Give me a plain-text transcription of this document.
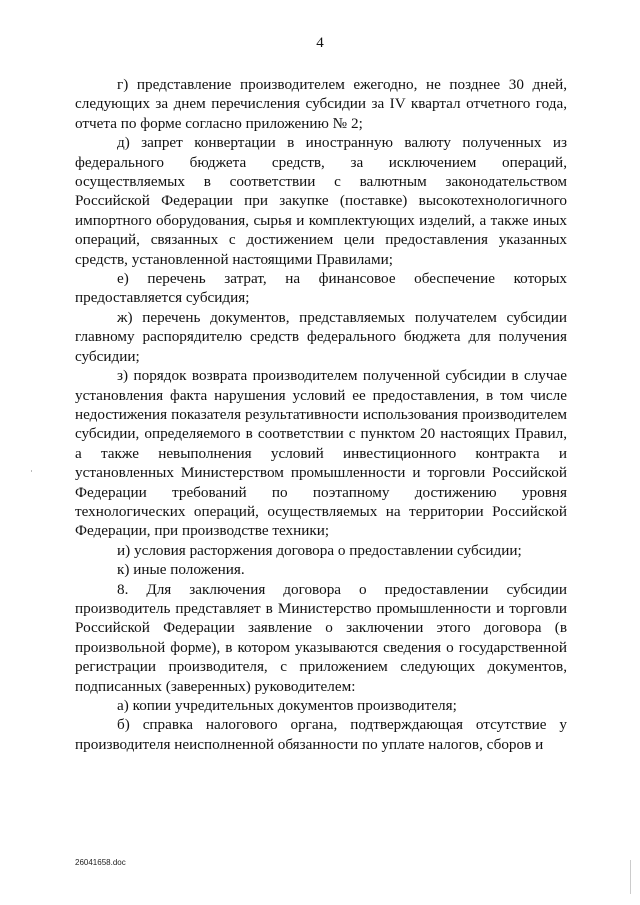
4

г) представление производителем ежегодно, не позднее 30 дней, следующих за днем перечисления субсидии за IV квартал отчетного года, отчета по форме согласно приложению № 2;

д) запрет конвертации в иностранную валюту полученных из федерального бюджета средств, за исключением операций, осуществляемых в соответствии с валютным законодательством Российской Федерации при закупке (поставке) высокотехнологичного импортного оборудования, сырья и комплектующих изделий, а также иных операций, связанных с достижением цели предоставления указанных средств, установленной настоящими Правилами;

е) перечень затрат, на финансовое обеспечение которых предоставляется субсидия;

ж) перечень документов, представляемых получателем субсидии главному распорядителю средств федерального бюджета для получения субсидии;

з) порядок возврата производителем полученной субсидии в случае установления факта нарушения условий ее предоставления, в том числе недостижения показателя результативности использования производителем субсидии, определяемого в соответствии с пунктом 20 настоящих Правил, а также невыполнения условий инвестиционного контракта и установленных Министерством промышленности и торговли Российской Федерации требований по поэтапному достижению уровня технологических операций, осуществляемых на территории Российской Федерации, при производстве техники;

и) условия расторжения договора о предоставлении субсидии;

к) иные положения.

8. Для заключения договора о предоставлении субсидии производитель представляет в Министерство промышленности и торговли Российской Федерации заявление о заключении этого договора (в произвольной форме), в котором указываются сведения о государственной регистрации производителя, с приложением следующих документов, подписанных (заверенных) руководителем:

а) копии учредительных документов производителя;

б) справка налогового органа, подтверждающая отсутствие у производителя неисполненной обязанности по уплате налогов, сборов и

26041658.doc
